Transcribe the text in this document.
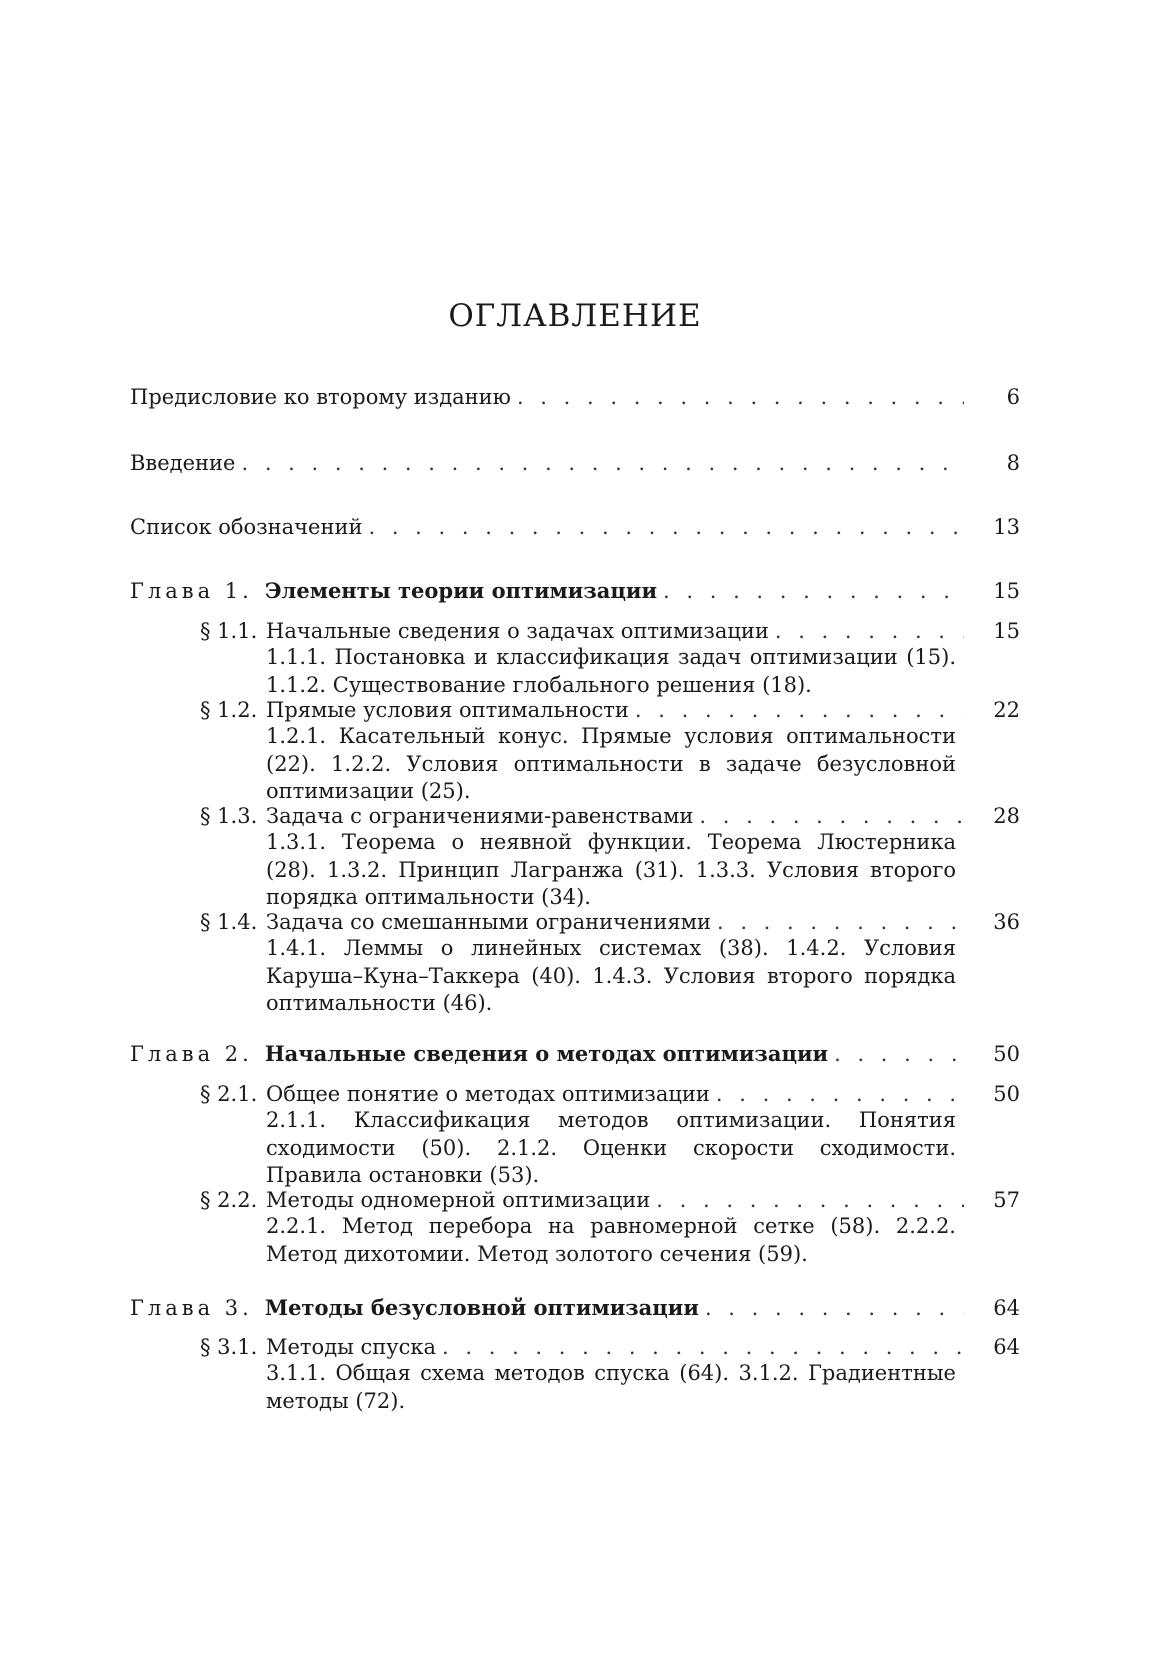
ОГЛАВЛЕНИЕ
Предисловие ко второму изданию . . .	6
Введение . . .	8
Список обозначений . . .	13
Глава 1. Элементы теории оптимизации . . .	15
§ 1.1. Начальные сведения о задачах оптимизации . . .	15
1.1.1. Постановка и классификация задач оптимизации (15). 1.1.2. Существование глобального решения (18).
§ 1.2. Прямые условия оптимальности . . .	22
1.2.1. Касательный конус. Прямые условия оптимальности (22). 1.2.2. Условия оптимальности в задаче безусловной оптимизации (25).
§ 1.3. Задача с ограничениями-равенствами . . .	28
1.3.1. Теорема о неявной функции. Теорема Люстерника (28). 1.3.2. Принцип Лагранжа (31). 1.3.3. Условия второго порядка оптимальности (34).
§ 1.4. Задача со смешанными ограничениями . . .	36
1.4.1. Леммы о линейных системах (38). 1.4.2. Условия Каруша–Куна–Таккера (40). 1.4.3. Условия второго порядка оптимальности (46).
Глава 2. Начальные сведения о методах оптимизации . . .	50
§ 2.1. Общее понятие о методах оптимизации . . .	50
2.1.1. Классификация методов оптимизации. Понятия сходимости (50). 2.1.2. Оценки скорости сходимости. Правила остановки (53).
§ 2.2. Методы одномерной оптимизации . . .	57
2.2.1. Метод перебора на равномерной сетке (58). 2.2.2. Метод дихотомии. Метод золотого сечения (59).
Глава 3. Методы безусловной оптимизации . . .	64
§ 3.1. Методы спуска . . .	64
3.1.1. Общая схема методов спуска (64). 3.1.2. Градиентные методы (72).
